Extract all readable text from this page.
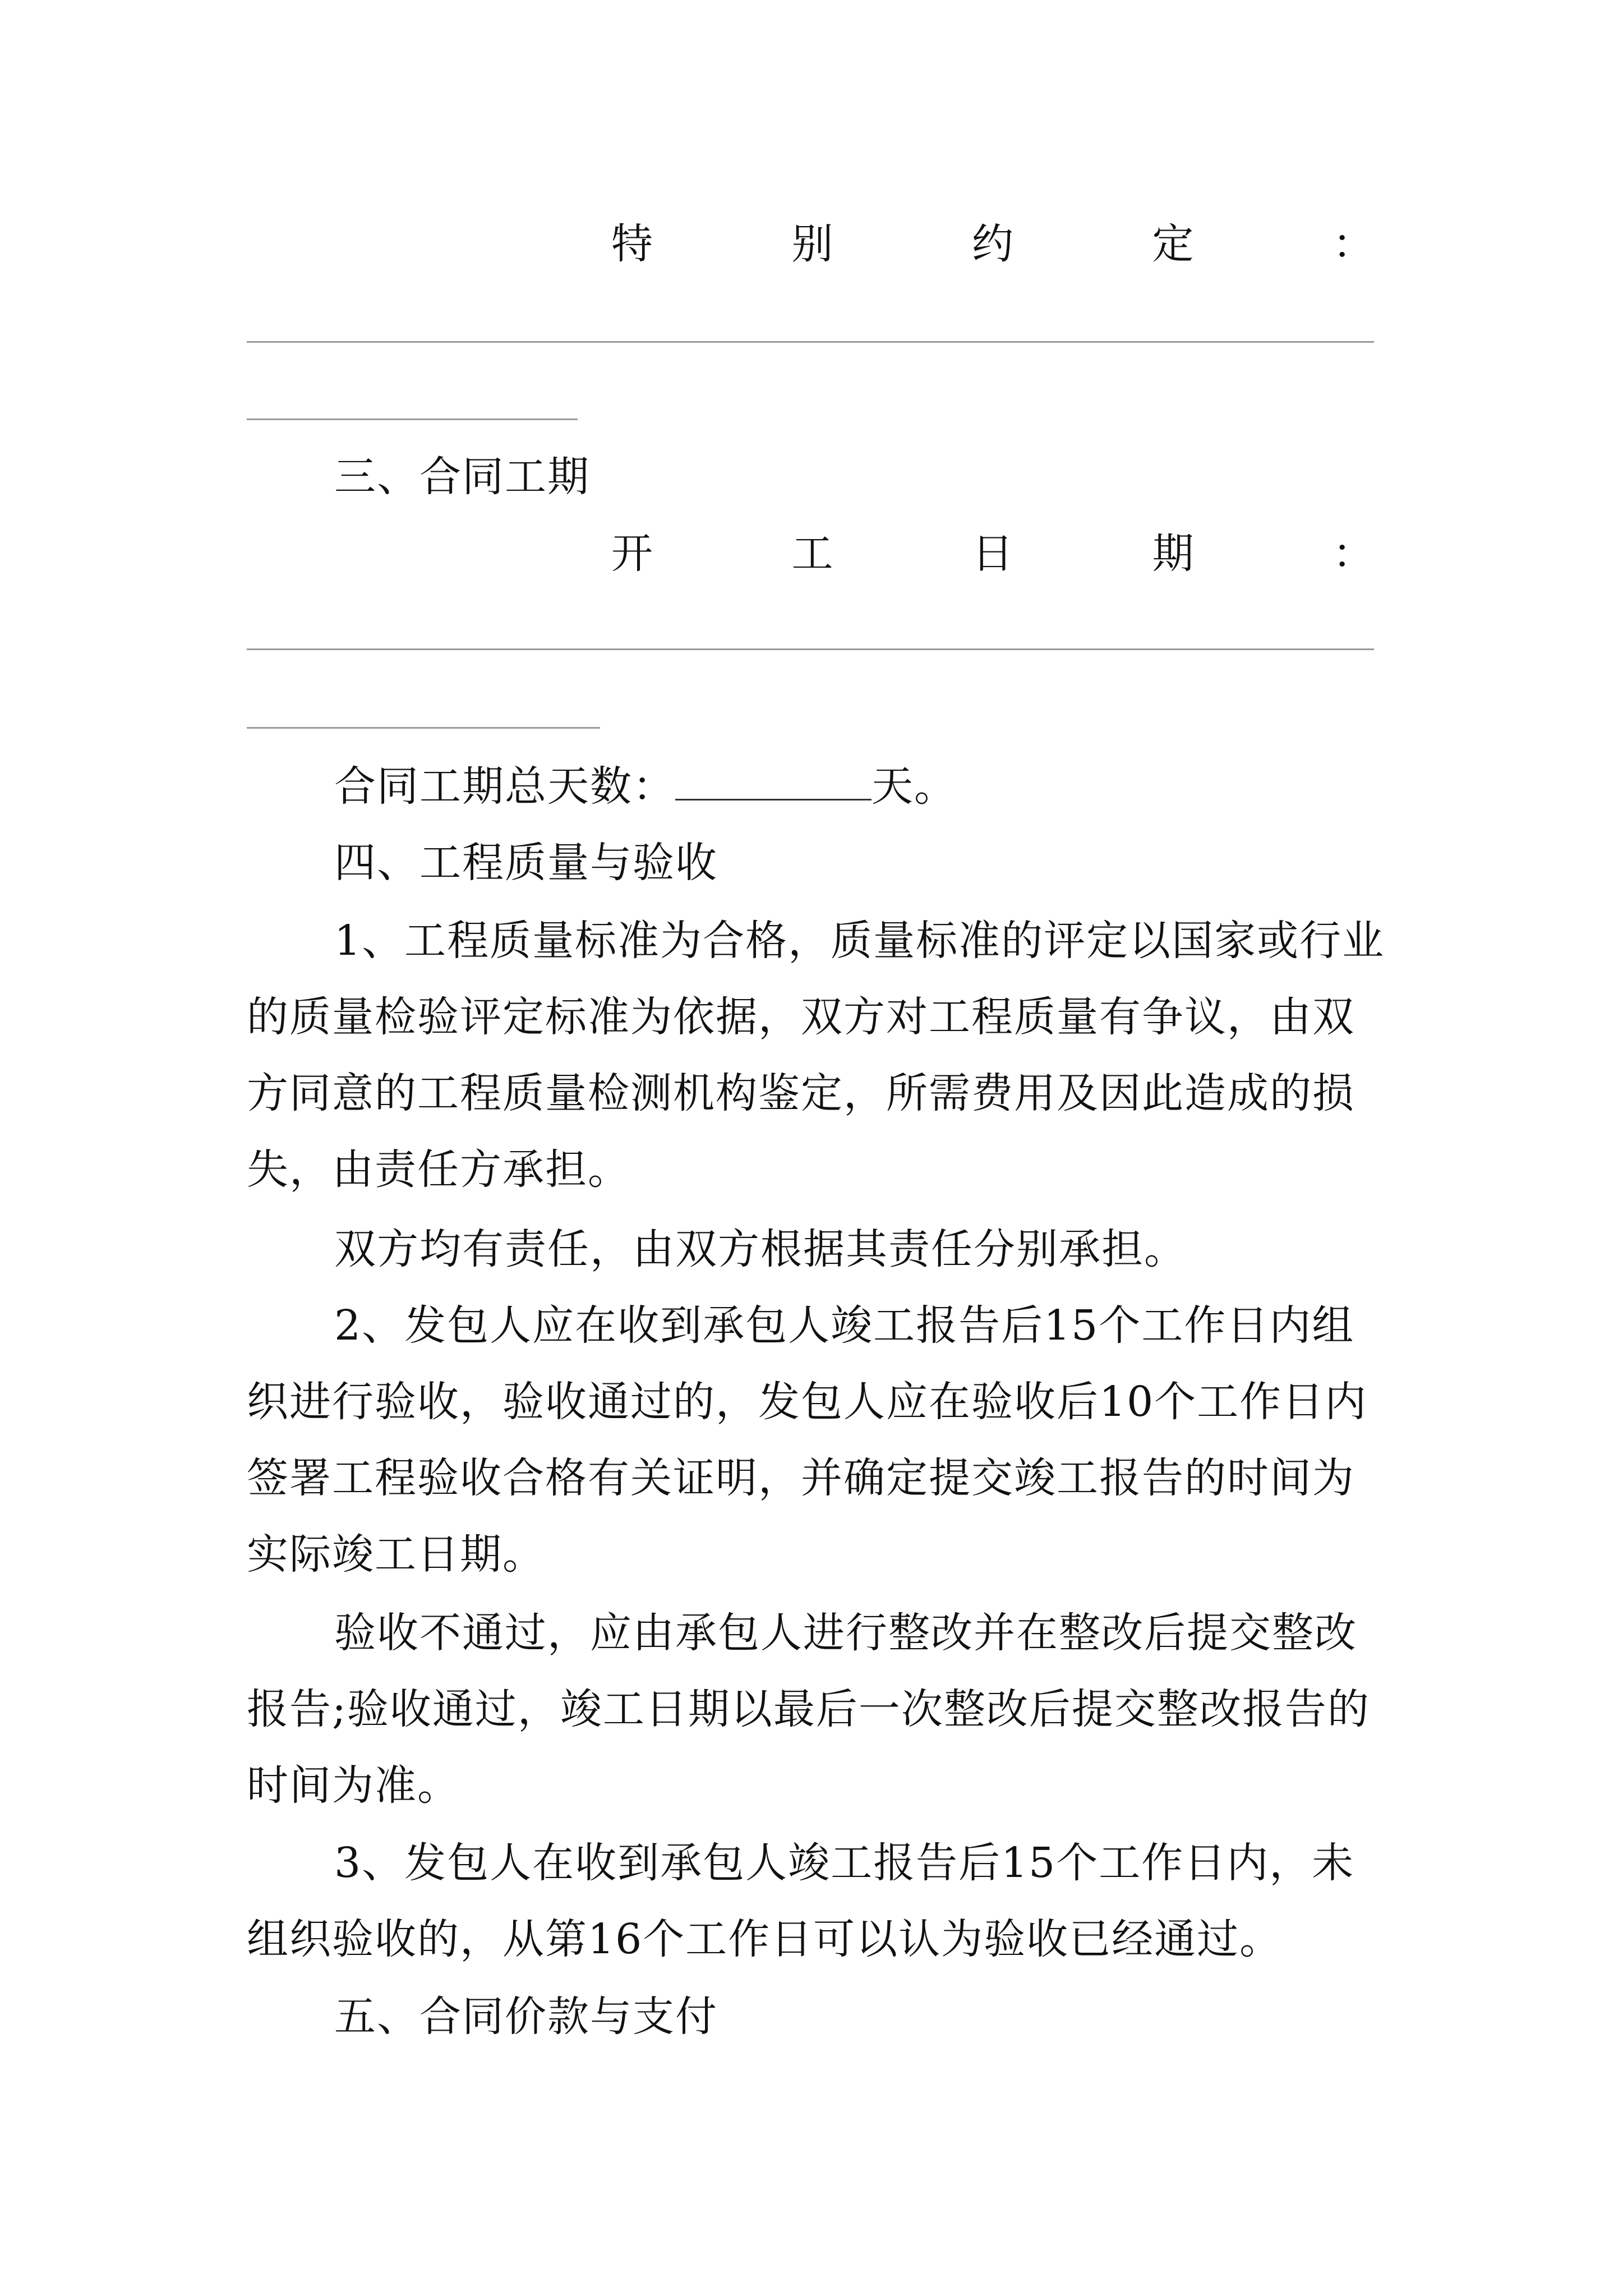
特	别	约	定	：
三、合同工期
开	工	日	期	：
合同工期总天数：	天。
四、工程质量与验收

1、工程质量标准为合格，质量标准的评定以国家或行业的质量检验评定标准为依据，双方对工程质量有争议，由双方同意的工程质量检测机构鉴定，所需费用及因此造成的损失，由责任方承担。

双方均有责任，由双方根据其责任分别承担。

2、发包人应在收到承包人竣工报告后15个工作日内组织进行验收，验收通过的，发包人应在验收后10个工作日内签署工程验收合格有关证明，并确定提交竣工报告的时间为实际竣工日期。

验收不通过，应由承包人进行整改并在整改后提交整改报告;验收通过，竣工日期以最后一次整改后提交整改报告的时间为准。

3、发包人在收到承包人竣工报告后15个工作日内，未组织验收的，从第16个工作日可以认为验收已经通过。

五、合同价款与支付
